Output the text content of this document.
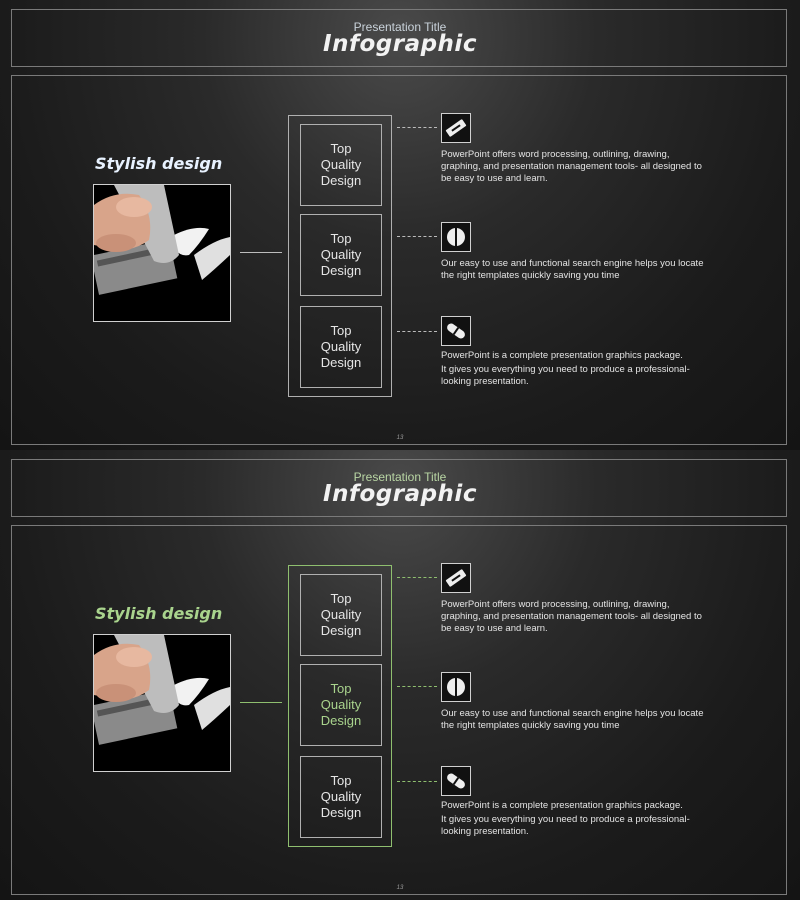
Presentation Title
Infographic
Stylish design
Top
Quality
Design
Top
Quality
Design
Top
Quality
Design

PowerPoint offers word processing, outlining, drawing,

graphing, and presentation management tools- all designed to

be easy to use and learn.

Our easy to use and functional search engine helps you locate

the right templates quickly saving you time

PowerPoint is a complete presentation graphics package.

It gives you everything you need to produce a professional-

looking presentation.

13
Presentation Title
Infographic
Stylish design
Top
Quality
Design
Top
Quality
Design
Top
Quality
Design

PowerPoint offers word processing, outlining, drawing,

graphing, and presentation management tools- all designed to

be easy to use and learn.

Our easy to use and functional search engine helps you locate

the right templates quickly saving you time

PowerPoint is a complete presentation graphics package.

It gives you everything you need to produce a professional-

looking presentation.

13
